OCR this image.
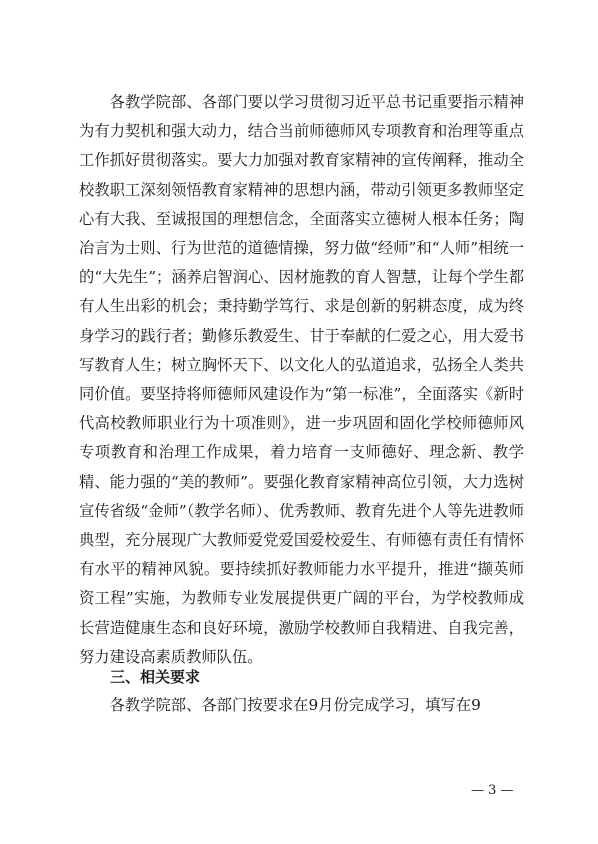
各教学院部、各部门要以学习贯彻习近平总书记重要指示精神为有力契机和强大动力，结合当前师德师风专项教育和治理等重点工作抓好贯彻落实。要大力加强对教育家精神的宣传阐释，推动全校教职工深刻领悟教育家精神的思想内涵，带动引领更多教师坚定心有大我、至诚报国的理想信念，全面落实立德树人根本任务；陶冶言为士则、行为世范的道德情操，努力做“经师”和“人师”相统一的“大先生”；涵养启智润心、因材施教的育人智慧，让每个学生都有人生出彩的机会；秉持勤学笃行、求是创新的躬耕态度，成为终身学习的践行者；勤修乐教爱生、甘于奉献的仁爱之心，用大爱书写教育人生；树立胸怀天下、以文化人的弘道追求，弘扬全人类共同价值。要坚持将师德师风建设作为“第一标准”，全面落实《新时代高校教师职业行为十项准则》，进一步巩固和固化学校师德师风专项教育和治理工作成果，着力培育一支师德好、理念新、教学精、能力强的“美的教师”。要强化教育家精神高位引领，大力选树宣传省级“金师”（教学名师）、优秀教师、教育先进个人等先进教师典型，充分展现广大教师爱党爱国爱校爱生、有师德有责任有情怀有水平的精神风貌。要持续抓好教师能力水平提升，推进“撷英师资工程”实施，为教师专业发展提供更广阔的平台，为学校教师成长营造健康生态和良好环境，激励学校教师自我精进、自我完善，努力建设高素质教师队伍。

三、相关要求

各教学院部、各部门按要求在9月份完成学习，填写在9

— 3 —
